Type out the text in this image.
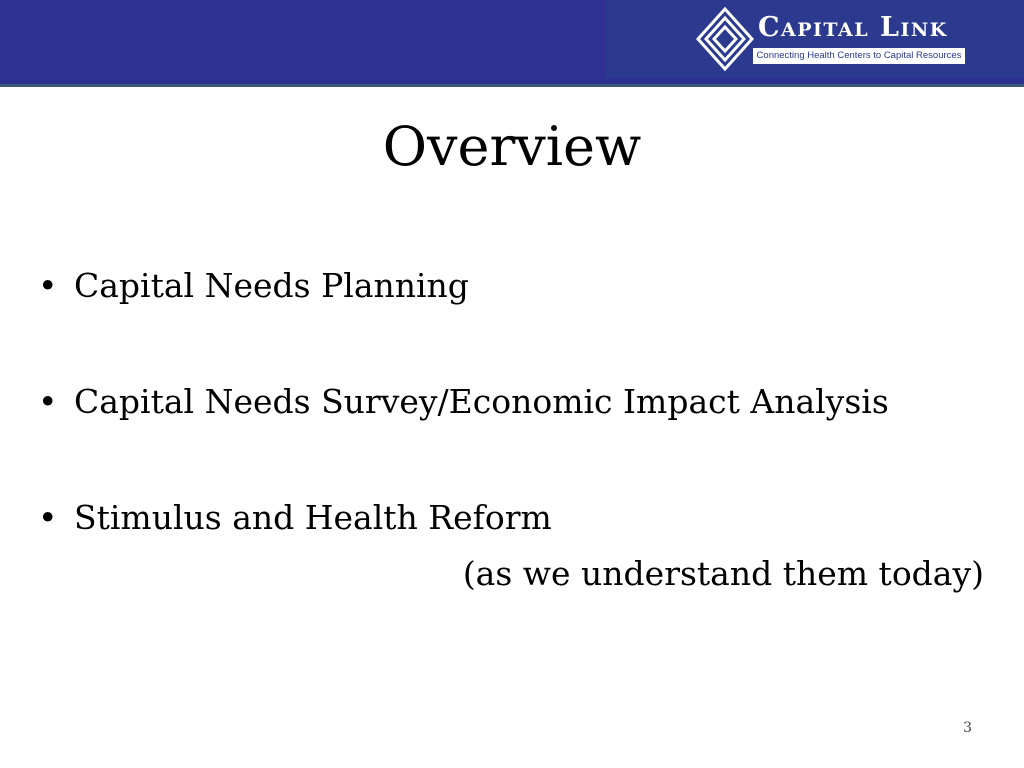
Capital Link
Connecting Health Centers to Capital Resources
Overview
• Capital Needs Planning
• Capital Needs Survey/Economic Impact Analysis
• Stimulus and Health Reform
(as we understand them today)
3
